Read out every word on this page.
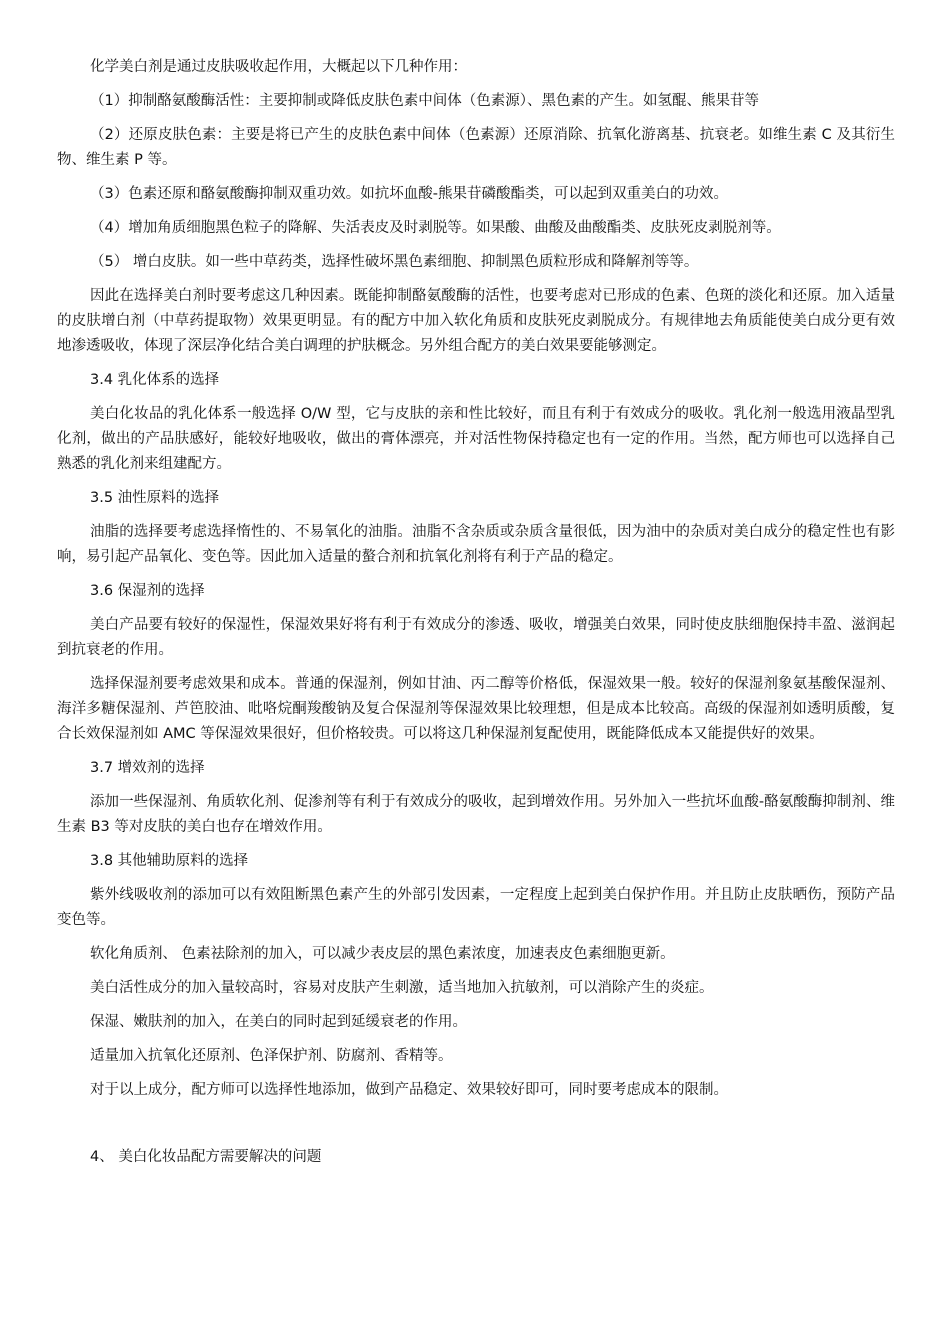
化学美白剂是通过皮肤吸收起作用，大概起以下几种作用：

（1）抑制酪氨酸酶活性：主要抑制或降低皮肤色素中间体（色素源）、黑色素的产生。如氢醌、熊果苷等

（2）还原皮肤色素：主要是将已产生的皮肤色素中间体（色素源）还原消除、抗氧化游离基、抗衰老。如维生素 C 及其衍生物、维生素 P 等。

（3）色素还原和酪氨酸酶抑制双重功效。如抗坏血酸-熊果苷磷酸酯类，可以起到双重美白的功效。

（4）增加角质细胞黑色粒子的降解、失活表皮及时剥脱等。如果酸、曲酸及曲酸酯类、皮肤死皮剥脱剂等。

（5） 增白皮肤。如一些中草药类，选择性破坏黑色素细胞、抑制黑色质粒形成和降解剂等等。

因此在选择美白剂时要考虑这几种因素。既能抑制酪氨酸酶的活性，也要考虑对已形成的色素、色斑的淡化和还原。加入适量的皮肤增白剂（中草药提取物）效果更明显。有的配方中加入软化角质和皮肤死皮剥脱成分。有规律地去角质能使美白成分更有效地渗透吸收，体现了深层净化结合美白调理的护肤概念。另外组合配方的美白效果要能够测定。

3.4 乳化体系的选择

美白化妆品的乳化体系一般选择 O/W 型，它与皮肤的亲和性比较好，而且有利于有效成分的吸收。乳化剂一般选用液晶型乳化剂，做出的产品肤感好，能较好地吸收，做出的膏体漂亮，并对活性物保持稳定也有一定的作用。当然，配方师也可以选择自己熟悉的乳化剂来组建配方。

3.5 油性原料的选择

油脂的选择要考虑选择惰性的、不易氧化的油脂。油脂不含杂质或杂质含量很低，因为油中的杂质对美白成分的稳定性也有影响，易引起产品氧化、变色等。因此加入适量的螯合剂和抗氧化剂将有利于产品的稳定。

3.6 保湿剂的选择

美白产品要有较好的保湿性，保湿效果好将有利于有效成分的渗透、吸收，增强美白效果，同时使皮肤细胞保持丰盈、滋润起到抗衰老的作用。

选择保湿剂要考虑效果和成本。普通的保湿剂，例如甘油、丙二醇等价格低，保湿效果一般。较好的保湿剂象氨基酸保湿剂、海洋多糖保湿剂、芦笆胶油、吡咯烷酮羧酸钠及复合保湿剂等保湿效果比较理想，但是成本比较高。高级的保湿剂如透明质酸，复合长效保湿剂如 AMC 等保湿效果很好，但价格较贵。可以将这几种保湿剂复配使用，既能降低成本又能提供好的效果。

3.7 增效剂的选择

添加一些保湿剂、角质软化剂、促渗剂等有利于有效成分的吸收，起到增效作用。另外加入一些抗坏血酸-酪氨酸酶抑制剂、维生素 B3 等对皮肤的美白也存在增效作用。

3.8 其他辅助原料的选择

紫外线吸收剂的添加可以有效阻断黑色素产生的外部引发因素，一定程度上起到美白保护作用。并且防止皮肤晒伤，预防产品变色等。

软化角质剂、 色素祛除剂的加入，可以减少表皮层的黑色素浓度，加速表皮色素细胞更新。
美白活性成分的加入量较高时，容易对皮肤产生刺激，适当地加入抗敏剂，可以消除产生的炎症。
保湿、嫩肤剂的加入，在美白的同时起到延缓衰老的作用。
适量加入抗氧化还原剂、色泽保护剂、防腐剂、香精等。
对于以上成分，配方师可以选择性地添加，做到产品稳定、效果较好即可，同时要考虑成本的限制。
4、 美白化妆品配方需要解决的问题
